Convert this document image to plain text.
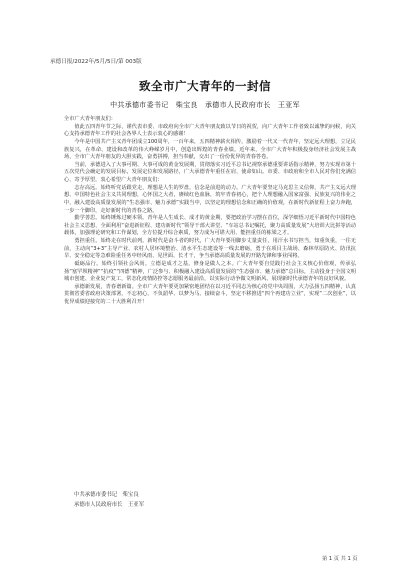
承德日报/2022年/5月/5日/第 003版
致全市广大青年的一封信
中共承德市委书记　柴宝良　承德市人民政府市长　王亚军

全市广大青年朋友们：

值此五四青年节之际，谨代表市委、市政府向全市广大青年朋友致以节日的祝贺，向广大青年工作者致以诚挚的问候，向关心支持承德青年工作的社会各界人士表示衷心的感谢！

今年是中国共产主义青年团成立100周年，一百年来，五四精神薪火相传，激励着一代又一代青年，坚定远大理想，立足民族复兴，在革命、建设和改革的伟大峥嵘岁月中，创造出辉煌的青春业绩。近年来，全市广大青年积极投身经济社会发展主战场，全市广大青年朋友的大胆实践，奋勇拼搏，担当奉献，交出了一份份优异的青春答卷。

当前，承德进入了大事可期、大事可成的黄金发展期，贯彻落实习近平总书记视察承德重要讲话指示精神，努力实现市第十五次党代会确定的发展目标，发展定位和发展路径，广大承德青年重任在肩、使命如山。市委、市政府和全市人民对你们充满信心、寄予厚望，衷心希望广大青年朋友们：

志存高远。始终听党话跟党走，理想是人生的罗盘，信念是前进的动力。广大青年要坚定马克思主义信仰，共产主义远大理想、中国特色社会主义共同理想，心怀国之大者，赓续红色血脉，筑牢青春初心，把个人理想融入国家富强、民族复兴的伟业之中，融入建设高质量发展的“生态强市、魅力承德”实践当中，以坚定的理想信念和正确的价值观，在新时代新征程上奋力奔跑，一步一个脚印，走好新时代的青春之路。

勤学善思。始终锤炼过硬本领。青年是人生成长、成才的黄金期，要把政治学习摆在首位，深学细悟习近平新时代中国特色社会主义思想，全面利用“奋进新征程、建功新时代”领导干部大讲堂、“车站总书记嘱托，聚力高质量发展”大培训大比拼等活动载体，加强理论研究和工作谋划，全方位提升综合素质，努力成为可堪大用、能担重任的栋梁之才。

勇担重任。始终走在时代前列。新时代是奋斗者的时代，广大青年要用脚步丈量责任，用汗水书写担当，知重负重，一往无前，主动向“3+3”主导产业、农村人居环境整治、清水平生态建设等一线去磨砺，勇于在项目主战场、森林草原防火、防汛抗旱、安全稳定等急难险重任务中经风雨、见世面、长才干，争当承德高质量发展的开路先锋和事业闯将。

砥砺品行。始终引领社会风尚。立德是成才之基，修身是做人之本。广大青年要自觉践行社会主义核心价值观，传承弘扬“塞罕坝精神”“抗疫”“四德”精神，广泛参与、积极融入建设高质量发展的“生态强市、魅力承德”总目标，主动投身于全国文明城市创建、企业复产复工，常态化疫情防控等志愿服务最前沿，以实际行动争做文明新风、展现新时代承德青年的良好风貌。

承德新发展，青春谱新篇。全市广大青年要更加紧密地团结在以习近平同志为核心的党中央周围，大力弘扬五四精神，认真贯彻省委省政府决策部署，不忘初心、不负韶华、以梦为马、接续奋斗，坚定不移推进“四个再建功立业”，实现“二次创业”，以优异成绩迎接党的二十大胜利召开！

中共承德市委书记　柴宝良
承德市人民政府市长　王亚军
第 1 页 共 1 页
